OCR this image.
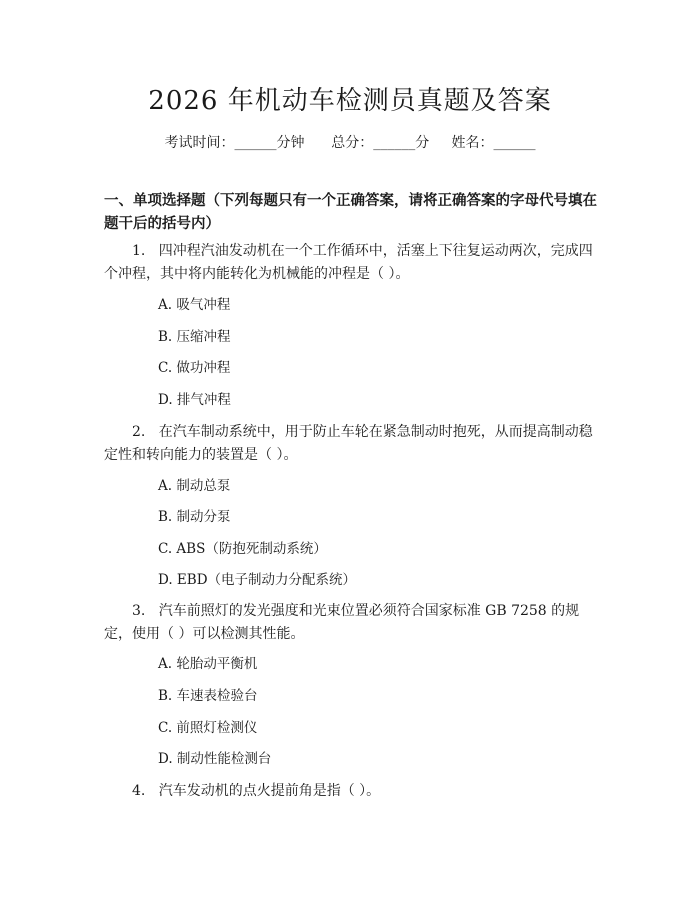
2026 年机动车检测员真题及答案
考试时间：______分钟 总分：______分 姓名：______
一、单项选择题（下列每题只有一个正确答案，请将正确答案的字母代号填在题干后的括号内）
1. 四冲程汽油发动机在一个工作循环中，活塞上下往复运动两次，完成四个冲程，其中将内能转化为机械能的冲程是（ ）。
A. 吸气冲程
B. 压缩冲程
C. 做功冲程
D. 排气冲程
2. 在汽车制动系统中，用于防止车轮在紧急制动时抱死，从而提高制动稳定性和转向能力的装置是（ ）。
A. 制动总泵
B. 制动分泵
C. ABS（防抱死制动系统）
D. EBD（电子制动力分配系统）
3. 汽车前照灯的发光强度和光束位置必须符合国家标准 GB 7258 的规定，使用（ ）可以检测其性能。
A. 轮胎动平衡机
B. 车速表检验台
C. 前照灯检测仪
D. 制动性能检测台
4. 汽车发动机的点火提前角是指（ ）。
